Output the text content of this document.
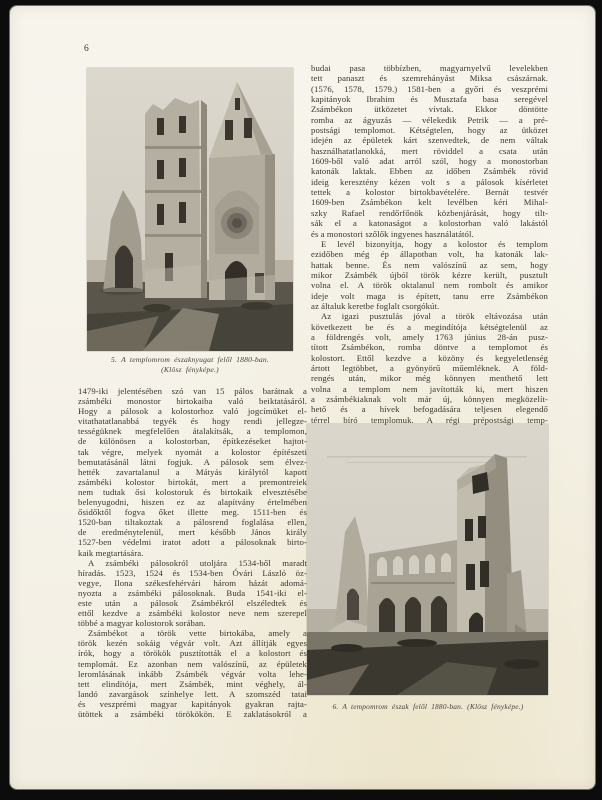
6
5. A templomrom északnyugat felől 1880-ban.
(Klösz fényképe.)
6. A tempomrom észak felől 1880-ban. (Klösz fényképe.)
1479-iki jelentésében szó van 15 pálos barátnak a
zsámbéki monostor birtokaiba való beiktatásáról.
Hogy a pálosok a kolostorhoz való jogcímüket el-
vitathatatlanabbá tegyék és hogy rendi jellegze-
tességüknek megfelelően átalakítsák, a templomon,
de különösen a kolostorban, építkezéseket hajtot-
tak végre, melyek nyomát a kolostor építészeti
bemutatásánál látni fogjuk. A pálosok sem élvez-
hették zavartalanul a Mátyás királytól kapott
zsámbéki kolostor birtokát, mert a premontreiek
nem tudtak ősi kolostoruk és birtokaik elvesztésébe
belenyugodni, hiszen ez az alapítvány értelmében
ősidőktől fogva őket illette meg. 1511-ben és
1520-ban tiltakoztak a pálosrend foglalása ellen,
de eredménytelenül, mert később János király
1527-ben védelmi iratot adott a pálosoknak birto-
kaik megtartására.
A zsámbéki pálosokról utoljára 1534-ből maradt
híradás. 1523, 1524 és 1534-ben Óvári László öz-
vegye, Ilona székesfehérvári három házát adomá-
nyozta a zsámbéki pálosoknak. Buda 1541-iki el-
este után a pálosok Zsámbékról elszéledtek és
ettől kezdve a zsámbéki kolostor neve nem szerepel
többé a magyar kolostorok sorában.
Zsámbékot a török vette birtokába, amely a
török kezén sokáig végvár volt. Azt állítják egyes
írók, hogy a törökök pusztították el a kolostort és
templomát. Ez azonban nem valószínű, az épületek
leromlásának inkább Zsámbék végvár volta lehe-
tett elindítója, mert Zsámbék, mint véghely, ál-
landó zavargások színhelye lett. A szomszéd tatai
és veszprémi magyar kapitányok gyakran rajta-
ütöttek a zsámbéki törökökön. E zaklatásokról a
budai pasa többízben, magyarnyelvű levelekben
tett panaszt és szemrehányást Miksa császárnak.
(1576, 1578, 1579.) 1581-ben a győri és veszprémi
kapitányok Ibrahim és Musztafa basa seregével
Zsámbékon ütközetet vívtak. Ekkor döntötte
romba az ágyuzás — vélekedik Petrik — a pré-
postsági templomot. Kétségtelen, hogy az ütközet
idején az épületek kárt szenvedtek, de nem váltak
használhatatlanokká, mert röviddel a csata után
1609-ből való adat arról szól, hogy a monostorban
katonák laktak. Ebben az időben Zsámbék rövid
ideig keresztény kézen volt s a pálosok kísérletet
tettek a kolostor birtokbavételére. Bernát testvér
1609-ben Zsámbékon kelt levélben kéri Mihal-
szky Rafael rendőrfőnök közbenjárását, hogy tilt-
sák el a katonaságot a kolostorban való lakástól
és a monostori szőlők ingyenes használatától.
E levél bizonyítja, hogy a kolostor és templom
ezidőben még ép állapotban volt, ha katonák lak-
hattak benne. És nem valószínű az sem, hogy
mikor Zsámbék újból török kézre került, pusztult
volna el. A török oktalanul nem rombolt és amikor
ideje volt maga is épített, tanu erre Zsámbékon
az általuk keretbe foglalt csorgókút.
Az igazi pusztulás jóval a török eltávozása után
következett be és a megindítója kétségtelenül az
a földrengés volt, amely 1763 június 28-án pusz-
tított Zsámbékon, romba döntve a templomot és
kolostort. Ettől kezdve a közöny és kegyeletlenség
ártott legtöbbet, a gyönyörű műemléknek. A föld-
rengés után, mikor még könnyen menthető lett
volna a templom nem javították ki, mert hiszen
a zsámbékiaknak volt már új, könnyen megközelít-
hető és a hívek befogadására teljesen elegendő
térrel bíró templomuk. A régi prépostsági temp-
